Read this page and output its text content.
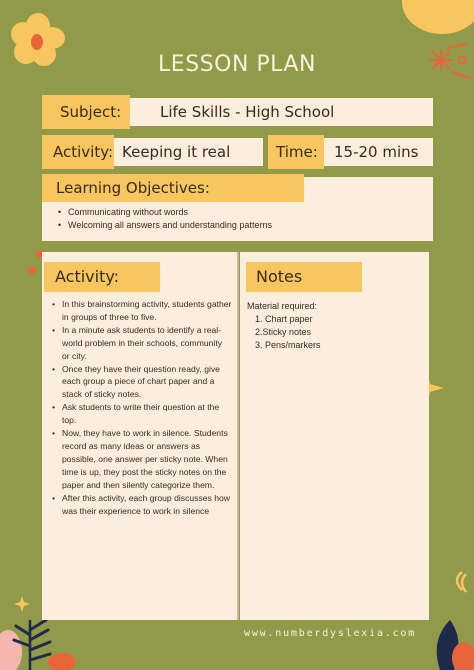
LESSON PLAN
Subject:	Life Skills - High School
Activity: Keeping it real	Time: 15-20 mins
Learning Objectives:
• Communicating without words
• Welcoming all answers and understanding patterns
Activity:
• In this brainstorming activity, students gather in groups of three to five.
• In a minute ask students to identify a real-world problem in their schools, community or city.
• Once they have their question ready, give each group a piece of chart paper and a stack of sticky notes.
• Ask students to write their question at the top.
• Now, they have to work in silence. Students record as many ideas or answers as possible, one answer per sticky note. When time is up, they post the sticky notes on the paper and then silently categorize them.
• After this activity, each group discusses how was their experience to work in silence
Notes
Material required:
1. Chart paper
2.Sticky notes
3. Pens/markers
www.numberdyslexia.com
